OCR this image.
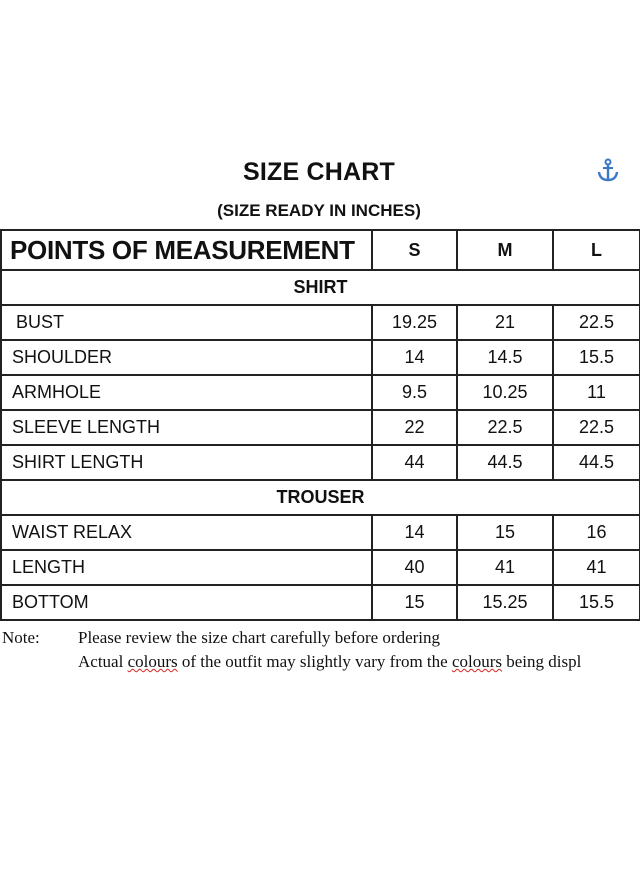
SIZE CHART
(SIZE READY IN INCHES)
POINTS OF MEASUREMENT	S	M	L
SHIRT			
BUST	19.25	21	22.5
SHOULDER	14	14.5	15.5
ARMHOLE	9.5	10.25	11
SLEEVE LENGTH	22	22.5	22.5
SHIRT LENGTH	44	44.5	44.5
TROUSER			
WAIST RELAX	14	15	16
LENGTH	40	41	41
BOTTOM	15	15.25	15.5
Note: Please review the size chart carefully before ordering
Actual colours of the outfit may slightly vary from the colours being displ
